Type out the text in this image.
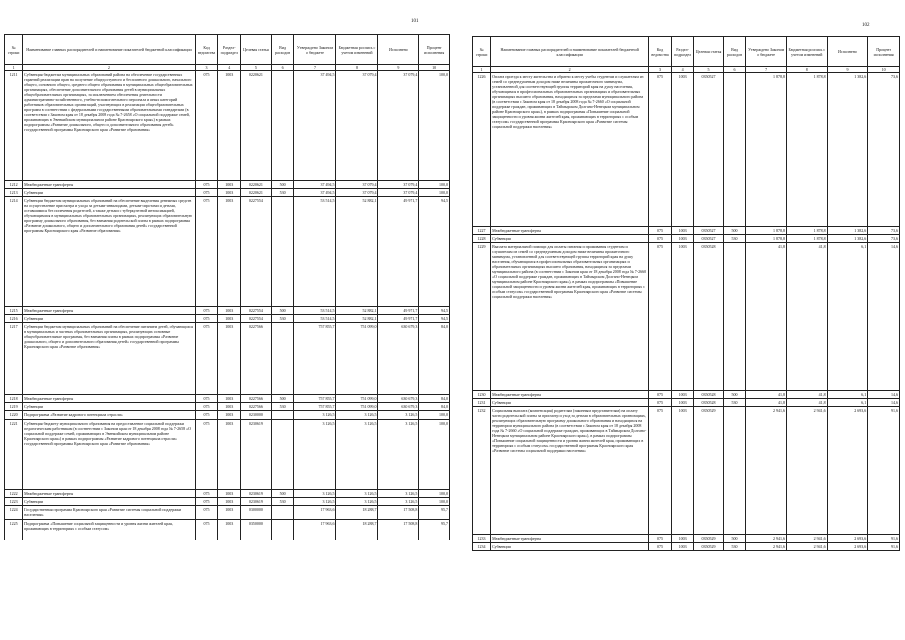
101
№ строки	Наименование главных распорядителей и наименование показателей бюджетной классификации	Код ведомства	Раздел-подраздел	Целевая статья	Вид расходов	Утверждено Законом о бюджете	Бюджетная роспись с учетом изменений	Исполнено	Процент исполнения
1	2	3	4	5	6	7	8	9	10
1211	Субвенция бюджетам муниципальных образований района на обеспечение государственных гарантий реализации прав на получение общедоступного и бесплатного дошкольного, начального общего, основного общего, среднего общего образования в муниципальных общеобразовательных организациях, обеспечение дополнительного образования детей в муниципальных общеобразовательных организациях, за исключением обеспечения деятельности административно-хозяйственного, учебно-вспомогательного персонала и иных категорий работников образовательных организаций, участвующих в реализации общеобразовательных программ в соответствии с федеральными государственными образовательными стандартами (в соответствии с Законом края от 18 декабря 2008 года № 7-2658 «О социальной поддержке семей, проживающих в Эвенкийском муниципальном районе Красноярского края») в рамках подпрограммы «Развитие дошкольного, общего и дополнительного образования детей» государственной программы Красноярского края «Развитие образования»	075	1003	0220621		37 494,5	37 079,4	37 079,4	100,0
1212	Межбюджетные трансферты	075	1003	0220621	500	37 494,5	37 079,4	37 079,4	100,0
1213	Субвенции	075	1003	0220621	530	37 494,5	37 079,4	37 079,4	100,0
1214	Субвенции бюджетам муниципальных образований на обеспечение выделения денежных средств на осуществление присмотра и ухода за детьми-инвалидами, детьми-сиротами и детьми, оставшимися без попечения родителей, а также детьми с туберкулезной интоксикацией, обучающимися в муниципальных образовательных организациях, реализующих образовательную программу дошкольного образования, без взимания родительской платы в рамках подпрограммы «Развитие дошкольного, общего и дополнительного образования детей» государственной программы Красноярского края «Развитие образования»	075	1003	0227554		53 514,5	52 882,1	49 971,7	94,5
1215	Межбюджетные трансферты	075	1003	0227554	500	53 514,5	52 882,1	49 971,7	94,5
1216	Субвенции	075	1003	0227554	530	53 514,5	52 882,1	49 971,7	94,5
1217	Субвенции бюджетам муниципальных образований на обеспечение питанием детей, обучающихся в муниципальных и частных образовательных организациях, реализующих основные общеобразовательные программы, без взимания платы в рамках подпрограммы «Развитие дошкольного, общего и дополнительного образования детей» государственной программы Красноярского края «Развитие образования»	075	1003	0227566		757 855,7	751 099,0	630 679,3	84,0
1218	Межбюджетные трансферты	075	1003	0227566	500	757 855,7	751 099,0	630 679,3	84,0
1219	Субвенции	075	1003	0227566	530	757 855,7	751 099,0	630 679,3	84,0
1220	Подпрограмма «Развитие кадрового потенциала отрасли»	075	1003	0230000		3 126,5	3 126,5	3 126,5	100,0
1221	Субвенция бюджету муниципального образования на предоставление социальной поддержки педагогическим работникам (в соответствии с Законом края от 18 декабря 2008 года № 7-2658 «О социальной поддержке семей, проживающих в Эвенкийском муниципальном районе Красноярского края») в рамках подпрограммы «Развитие кадрового потенциала отрасли» государственной программы Красноярского края «Развитие образования»	075	1003	0230619		3 126,5	3 126,5	3 126,5	100,0
1222	Межбюджетные трансферты	075	1003	0230619	500	3 126,5	3 126,5	3 126,5	100,0
1223	Субвенции	075	1003	0230619	530	3 126,5	3 126,5	3 126,5	100,0
1224	Государственная программа Красноярского края «Развитие системы социальной поддержки населения»	075	1003	0300000		17 963,6	18 288,7	17 508,8	95,7
1225	Подпрограмма «Повышение социальной защищенности и уровня жизни жителей края, проживающих в территориях с особым статусом»	075	1003	0350000		17 963,6	18 288,7	17 508,8	95,7
102
№ строки	Наименование главных распорядителей и наименование показателей бюджетной классификации	Код ведомства	Раздел-подраздел	Целевая статья	Вид расходов	Утверждено Законом о бюджете	Бюджетная роспись с учетом изменений	Исполнено	Процент исполнения
1	2	3	4	5	6	7	8	9	10
1226	Оплата проезда к месту жительства и обратно к месту учебы студентам и слушателям из семей со среднедушевым доходом ниже величины прожиточного минимума, установленной для соответствующей группы территорий края на душу населения, обучающимся в профессиональных образовательных организациях и образовательных организациях высшего образования, находящихся за пределами муниципального района (в соответствии с Законом края от 18 декабря 2008 года № 7-2660 «О социальной поддержке граждан, проживающих в Таймырском Долгано-Ненецком муниципальном районе Красноярского края»), в рамках подпрограммы «Повышение социальной защищенности и уровня жизни жителей края, проживающих в территориях с особым статусом» государственной программы Красноярского края «Развитие системы социальной поддержки населения»	075	1003	0350527		1 878,8	1 878,8	1 382,6	73,6
1227	Межбюджетные трансферты	075	1003	0350527	500	1 878,8	1 878,8	1 382,6	73,6
1228	Субвенции	075	1003	0350527	530	1 878,8	1 878,8	1 382,6	73,6
1229	Выплата материальной помощи для оплаты питания и проживания студентам и слушателям из семей со среднедушевым доходом ниже величины прожиточного минимума, установленной для соответствующей группы территорий края на душу населения, обучающимся в профессиональных образовательных организациях и образовательных организациях высшего образования, находящихся за пределами муниципального района (в соответствии с Законом края от 18 декабря 2008 года № 7-2660 «О социальной поддержке граждан, проживающих в Таймырском Долгано-Ненецком муниципальном районе Красноярского края»), в рамках подпрограммы «Повышение социальной защищенности и уровня жизни жителей края, проживающих в территориях с особым статусом» государственной программы Красноярского края «Развитие системы социальной поддержки населения»	075	1003	0350528		41,8	41,8	6,1	14,6
1230	Межбюджетные трансферты	075	1003	0350528	500	41,8	41,8	6,1	14,6
1231	Субвенции	075	1003	0350528	530	41,8	41,8	6,1	14,6
1232	Социальная выплата (компенсация) родителям (законным представителям) на оплату части родительской платы за присмотр и уход за детьми в образовательных организациях, реализующих образовательную программу дошкольного образования и находящихся на территории муниципального района (в соответствии с Законом края от 18 декабря 2008 года № 7-2660 «О социальной поддержке граждан, проживающих в Таймырском Долгано-Ненецком муниципальном районе Красноярского края»), в рамках подпрограммы «Повышение социальной защищенности и уровня жизни жителей края, проживающих в территориях с особым статусом» государственной программы Красноярского края «Развитие системы социальной поддержки населения»	075	1003	0350529		2 941,6	2 941,6	2 693,6	91,6
1233	Межбюджетные трансферты	075	1003	0350529	500	2 941,6	2 941,6	2 693,6	91,6
1234	Субвенции	075	1003	0350529	530	2 941,6	2 941,6	2 693,6	91,6
